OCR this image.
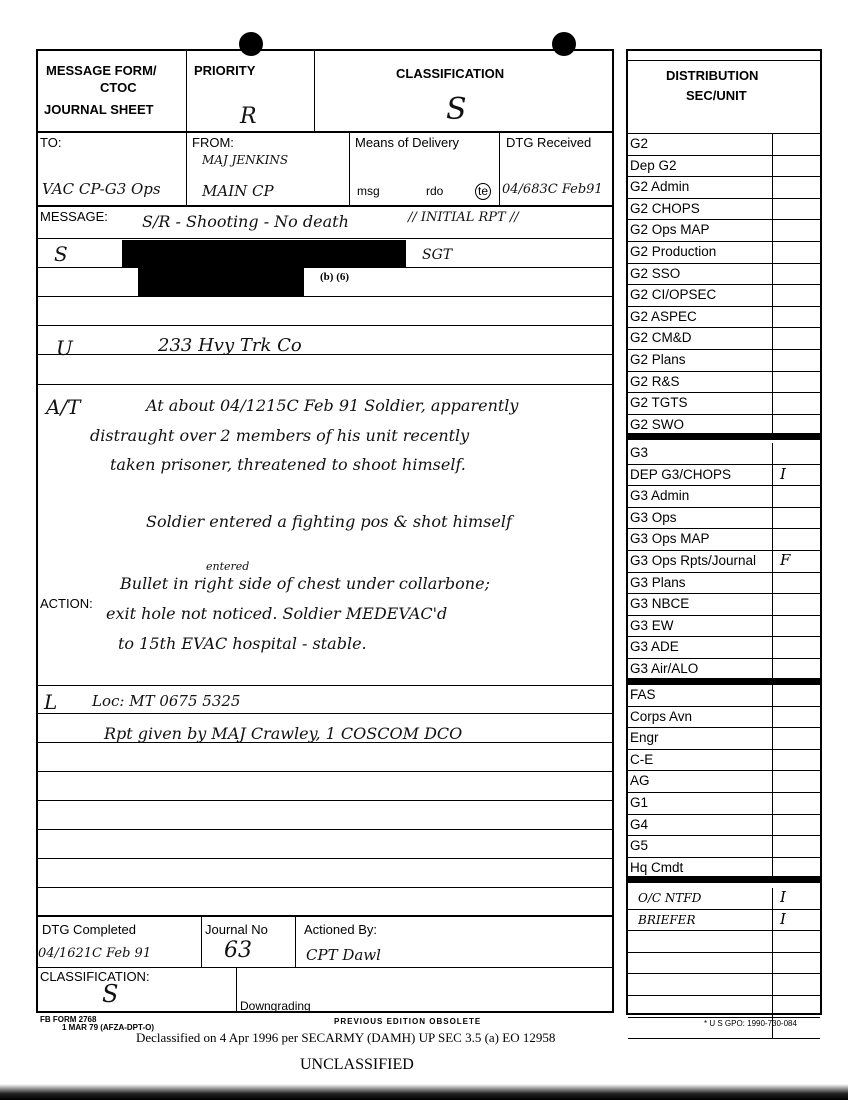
MESSAGE FORM/
CTOC
JOURNAL SHEET
PRIORITY
R
CLASSIFICATION
S
TO:
VAC CP-G3 Ops
FROM:
MAJ JENKINS
MAIN CP
Means of Delivery
msg	rdo	te
DTG Received
04/683C Feb91
MESSAGE: S/R - Shooting - No death	// INITIAL RPT //
S	SGT
(b) (6)
U	233 Hvy Trk Co
A/T	At about 04/1215C Feb 91 Soldier, apparently
distraught over 2 members of his unit recently
taken prisoner, threatened to shoot himself.
Soldier entered a fighting pos & shot himself
entered
ACTION:
Bullet in right side of chest under collarbone;
exit hole not noticed. Soldier MEDEVAC'd
to 15th EVAC hospital - stable.
L Loc: MT 0675 5325
Rpt given by MAJ Crawley, 1 COSCOM DCO
DTG Completed
04/1621C Feb 91
Journal No
63
Actioned By:
CPT Dawl
CLASSIFICATION:
S	Downgrading
DISTRIBUTION
SEC/UNIT
G2
Dep G2
G2 Admin
G2 CHOPS
G2 Ops MAP
G2 Production
G2 SSO
G2 CI/OPSEC
G2 ASPEC
G2 CM&D
G2 Plans
G2 R&S
G2 TGTS
G2 SWO
G3
DEP G3/CHOPS	I
G3 Admin
G3 Ops
G3 Ops MAP
G3 Ops Rpts/Journal F
G3 Plans
G3 NBCE
G3 EW
G3 ADE
G3 Air/ALO
FAS
Corps Avn
Engr
C-E
AG
G1
G4
G5
Hq Cmdt
O/C NTFD	I
BRIEFER	I
FB FORM 2768
1 MAR 79 (AFZA-DPT-O)
PREVIOUS EDITION OBSOLETE	* U S GPO: 1990-730-084
Declassified on 4 Apr 1996 per SECARMY (DAMH) UP SEC 3.5 (a) EO 12958
UNCLASSIFIED
